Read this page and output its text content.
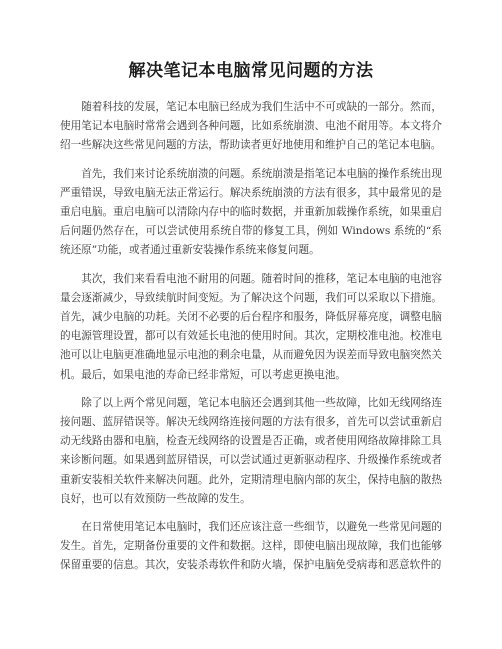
解决笔记本电脑常见问题的方法

随着科技的发展，笔记本电脑已经成为我们生活中不可或缺的一部分。然而，使用笔记本电脑时常常会遇到各种问题，比如系统崩溃、电池不耐用等。本文将介绍一些解决这些常见问题的方法，帮助读者更好地使用和维护自己的笔记本电脑。

首先，我们来讨论系统崩溃的问题。系统崩溃是指笔记本电脑的操作系统出现严重错误，导致电脑无法正常运行。解决系统崩溃的方法有很多，其中最常见的是重启电脑。重启电脑可以清除内存中的临时数据，并重新加载操作系统，如果重启后问题仍然存在，可以尝试使用系统自带的修复工具，例如 Windows 系统的“系统还原”功能，或者通过重新安装操作系统来修复问题。

其次，我们来看看电池不耐用的问题。随着时间的推移，笔记本电脑的电池容量会逐渐减少，导致续航时间变短。为了解决这个问题，我们可以采取以下措施。首先，减少电脑的功耗。关闭不必要的后台程序和服务，降低屏幕亮度，调整电脑的电源管理设置，都可以有效延长电池的使用时间。其次，定期校准电池。校准电池可以让电脑更准确地显示电池的剩余电量，从而避免因为误差而导致电脑突然关机。最后，如果电池的寿命已经非常短，可以考虑更换电池。

除了以上两个常见问题，笔记本电脑还会遇到其他一些故障，比如无线网络连接问题、蓝屏错误等。解决无线网络连接问题的方法有很多，首先可以尝试重新启动无线路由器和电脑，检查无线网络的设置是否正确，或者使用网络故障排除工具来诊断问题。如果遇到蓝屏错误，可以尝试通过更新驱动程序、升级操作系统或者重新安装相关软件来解决问题。此外，定期清理电脑内部的灰尘，保持电脑的散热良好，也可以有效预防一些故障的发生。

在日常使用笔记本电脑时，我们还应该注意一些细节，以避免一些常见问题的发生。首先，定期备份重要的文件和数据。这样，即使电脑出现故障，我们也能够保留重要的信息。其次，安装杀毒软件和防火墙，保护电脑免受病毒和恶意软件的
